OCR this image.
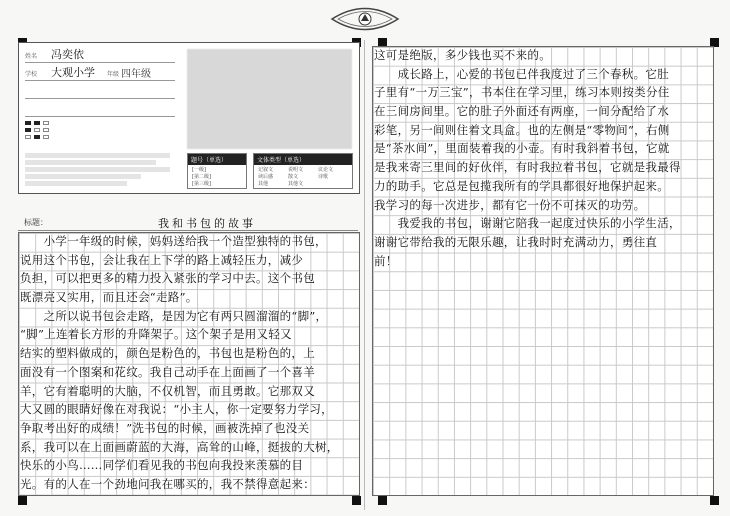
姓名 冯奕依
学校 大观小学 年级 四年级
题号（单选）
[一级]
[第二级]
[第三级]
文体类型（单选）
记叙文	说明文	议论文
读后感	散文	诗歌
其他	其他文
标题：	我和书包的故事
　　小学一年级的时候，妈妈送给我一个造型独特的书包，
说用这个书包，会让我在上下学的路上减轻压力，减少
负担，可以把更多的精力投入紧张的学习中去。这个书包
既漂亮又实用，而且还会“走路”。
　　之所以说书包会走路，是因为它有两只圆溜溜的“脚”，
“脚”上连着长方形的升降架子。这个架子是用又轻又
结实的塑料做成的，颜色是粉色的，书包也是粉色的，上
面没有一个图案和花纹。我自己动手在上面画了一个喜羊
羊，它有着聪明的大脑，不仅机智，而且勇敢。它那双又
大又圆的眼睛好像在对我说：“小主人，你一定要努力学习，
争取考出好的成绩！”洗书包的时候，画被洗掉了也没关
系，我可以在上面画蔚蓝的大海，高耸的山峰，挺拔的大树，
快乐的小鸟……同学们看见我的书包向我投来羡慕的目
光。有的人在一个劲地问我在哪买的，我不禁得意起来：
这可是绝版，多少钱也买不来的。
　　成长路上，心爱的书包已伴我度过了三个春秋。它肚
子里有“一万三宝”，书本住在学习里，练习本则按类分住
在三间房间里。它的肚子外面还有两座，一间分配给了水
彩笔，另一间则住着文具盒。也的左侧是“零物间”，右侧
是“茶水间”，里面装着我的小壶。有时我斜着书包，它就
是我来寄三里间的好伙伴，有时我拉着书包，它就是我最得
力的助手。它总是包揽我所有的学具都很好地保护起来。
我学习的每一次进步，都有它一份不可抹灭的功劳。
　　我爱我的书包，谢谢它陪我一起度过快乐的小学生活，
谢谢它带给我的无限乐趣，让我时时充满动力，勇往直
前！
